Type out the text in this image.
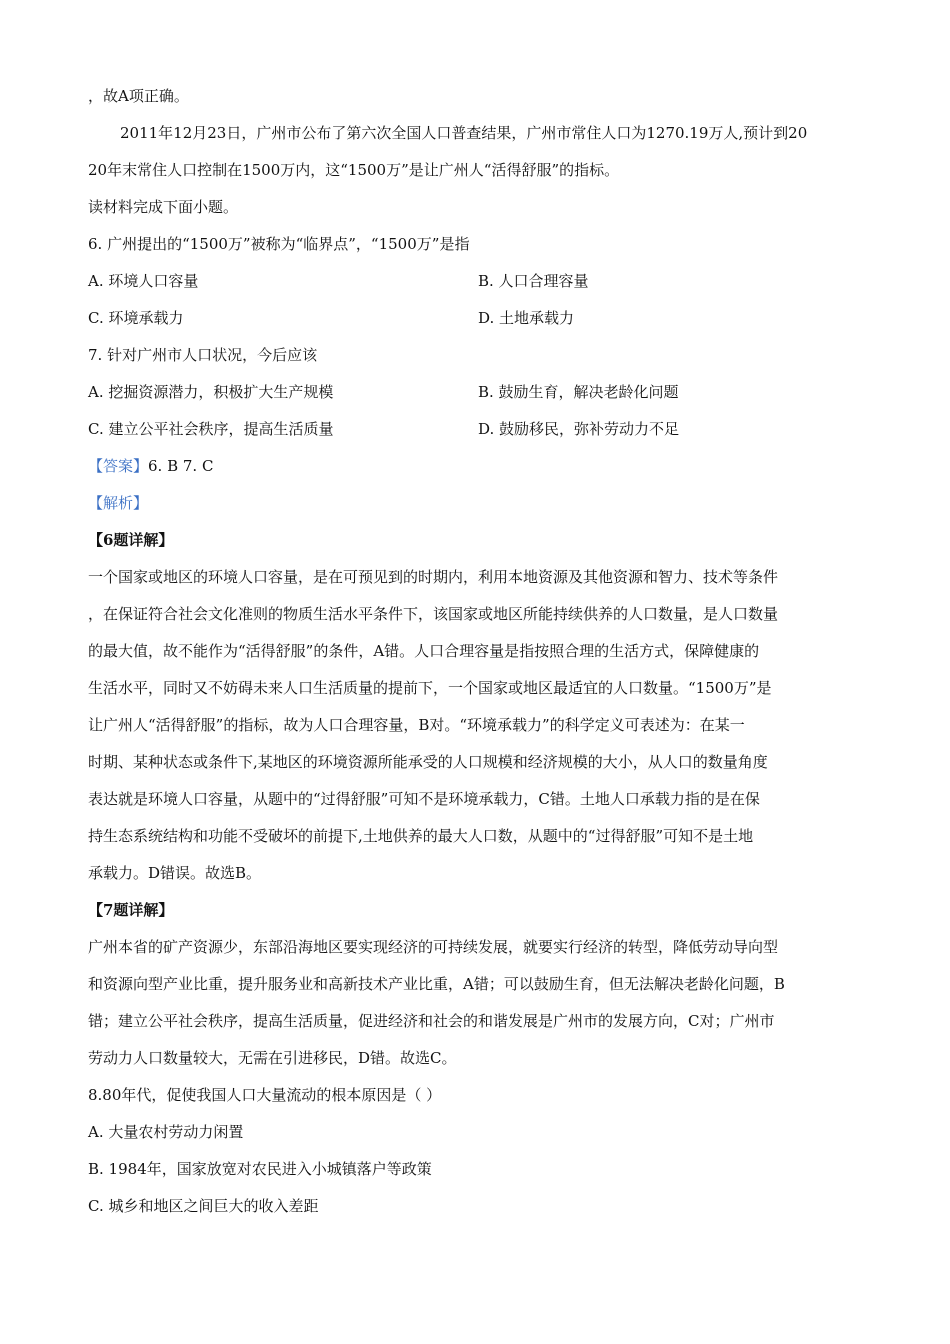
，故A项正确。
2011年12月23日，广州市公布了第六次全国人口普查结果，广州市常住人口为1270.19万人,预计到20
20年末常住人口控制在1500万内，这“1500万”是让广州人“活得舒服”的指标。
读材料完成下面小题。
6. 广州提出的“1500万”被称为“临界点”，“1500万”是指
A. 环境人口容量	B. 人口合理容量
C. 环境承载力	D. 土地承载力
7. 针对广州市人口状况，今后应该
A. 挖掘资源潜力，积极扩大生产规模	B. 鼓励生育，解决老龄化问题
C. 建立公平社会秩序，提高生活质量	D. 鼓励移民，弥补劳动力不足
【答案】6. B 7. C
【解析】
【6题详解】
一个国家或地区的环境人口容量，是在可预见到的时期内，利用本地资源及其他资源和智力、技术等条件
，在保证符合社会文化准则的物质生活水平条件下，该国家或地区所能持续供养的人口数量，是人口数量
的最大值，故不能作为“活得舒服”的条件，A错。人口合理容量是指按照合理的生活方式，保障健康的
生活水平，同时又不妨碍未来人口生活质量的提前下，一个国家或地区最适宜的人口数量。“1500万”是
让广州人“活得舒服”的指标，故为人口合理容量，B对。“环境承载力”的科学定义可表述为：在某一
时期、某种状态或条件下,某地区的环境资源所能承受的人口规模和经济规模的大小，从人口的数量角度
表达就是环境人口容量，从题中的“过得舒服”可知不是环境承载力，C错。土地人口承载力指的是在保
持生态系统结构和功能不受破坏的前提下,土地供养的最大人口数，从题中的“过得舒服”可知不是土地
承载力。D错误。故选B。
【7题详解】
广州本省的矿产资源少，东部沿海地区要实现经济的可持续发展，就要实行经济的转型，降低劳动导向型
和资源向型产业比重，提升服务业和高新技术产业比重，A错；可以鼓励生育，但无法解决老龄化问题，B
错；建立公平社会秩序，提高生活质量，促进经济和社会的和谐发展是广州市的发展方向，C对；广州市
劳动力人口数量较大，无需在引进移民，D错。故选C。
8.80年代，促使我国人口大量流动的根本原因是（ ）
A. 大量农村劳动力闲置
B. 1984年，国家放宽对农民进入小城镇落户等政策
C. 城乡和地区之间巨大的收入差距
